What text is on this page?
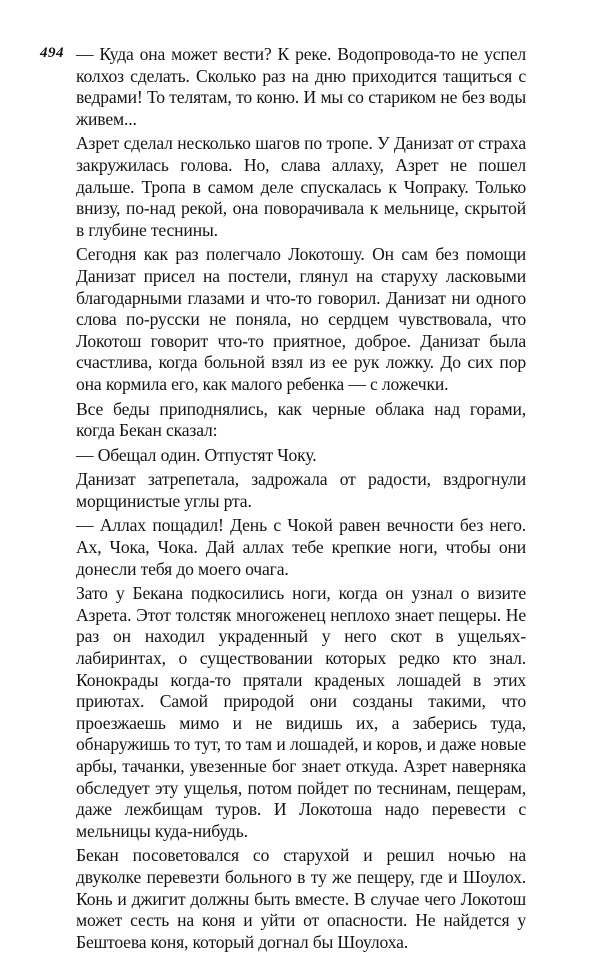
494 — Куда она может вести? К реке. Водопровода-то не успел колхоз сделать. Сколько раз на дню приходится тащиться с ведрами! То телятам, то коню. И мы со стариком не без воды живем...

Азрет сделал несколько шагов по тропе. У Данизат от страха закружилась голова. Но, слава аллаху, Азрет не пошел дальше. Тропа в самом деле спускалась к Чопраку. Только внизу, по-над рекой, она поворачивала к мельнице, скрытой в глубине теснины.

Сегодня как раз полегчало Локотошу. Он сам без помощи Данизат присел на постели, глянул на старуху ласковыми благодарными глазами и что-то говорил. Данизат ни одного слова по-русски не поняла, но сердцем чувствовала, что Локотош говорит что-то приятное, доброе. Данизат была счастлива, когда больной взял из ее рук ложку. До сих пор она кормила его, как малого ребенка — с ложечки.

Все беды приподнялись, как черные облака над горами, когда Бекан сказал:

— Обещал один. Отпустят Чоку.

Данизат затрепетала, задрожала от радости, вздрогнули морщинистые углы рта.

— Аллах пощадил! День с Чокой равен вечности без него. Ах, Чока, Чока. Дай аллах тебе крепкие ноги, чтобы они донесли тебя до моего очага.

Зато у Бекана подкосились ноги, когда он узнал о визите Азрета. Этот толстяк многоженец неплохо знает пещеры. Не раз он находил украденный у него скот в ущельях-лабиринтах, о существовании которых редко кто знал. Конокрады когда-то прятали краденых лошадей в этих приютах. Самой природой они созданы такими, что проезжаешь мимо и не видишь их, а заберись туда, обнаружишь то тут, то там и лошадей, и коров, и даже новые арбы, тачанки, увезенные бог знает откуда. Азрет наверняка обследует эту ущелья, потом пойдет по теснинам, пещерам, даже лежбищам туров. И Локотоша надо перевести с мельницы куда-нибудь.

Бекан посоветовался со старухой и решил ночью на двуколке перевезти больного в ту же пещеру, где и Шоулох. Конь и джигит должны быть вместе. В случае чего Локотош может сесть на коня и уйти от опасности. Не найдется у Бештоева коня, который догнал бы Шоулоха.
